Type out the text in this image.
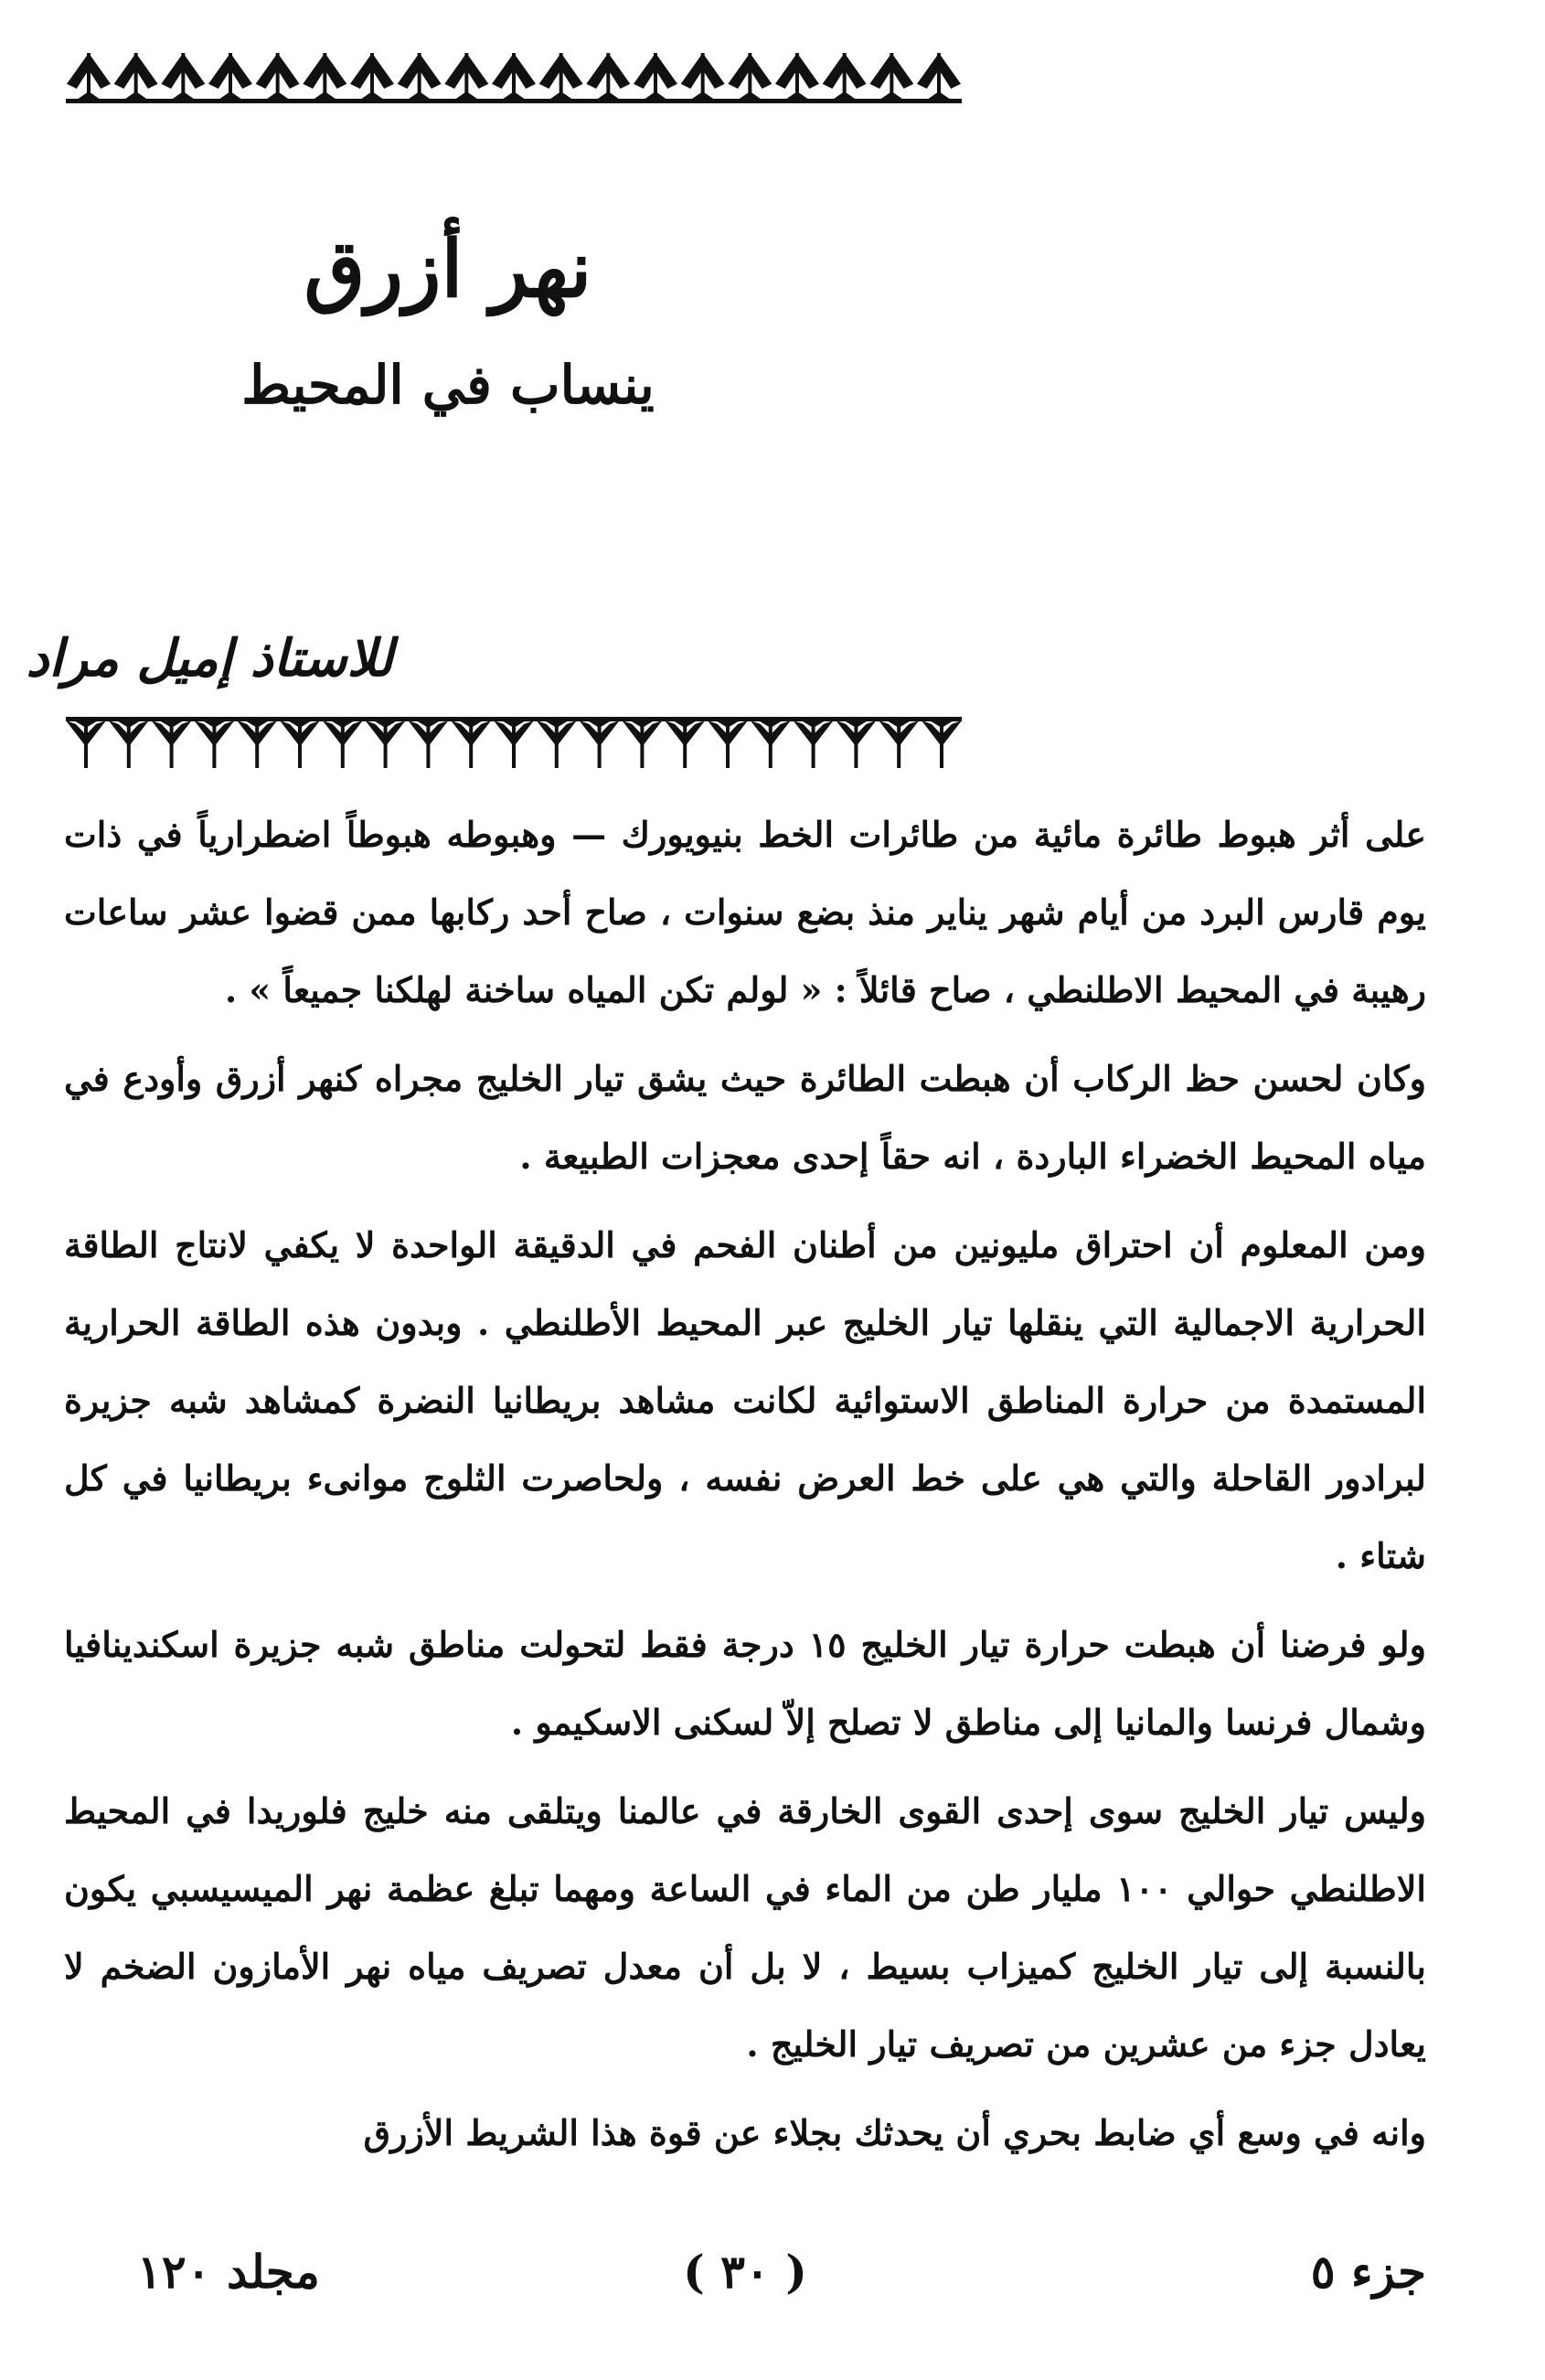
نهر أزرق
ينساب في المحيط
للاستاذ إميل مراد

على أثر هبوط طائرة مائية من طائرات الخط بنيويورك — وهبوطه هبوطاً اضطرارياً في ذات يوم قارس البرد من أيام شهر يناير منذ بضع سنوات ، صاح أحد ركابها ممن قضوا عشر ساعات رهيبة في المحيط الاطلنطي ، صاح قائلاً : « لولم تكن المياه ساخنة لهلكنا جميعاً » .

وكان لحسن حظ الركاب أن هبطت الطائرة حيث يشق تيار الخليج مجراه كنهر أزرق وأودع في مياه المحيط الخضراء الباردة ، انه حقاً إحدى معجزات الطبيعة .

ومن المعلوم أن احتراق مليونين من أطنان الفحم في الدقيقة الواحدة لا يكفي لانتاج الطاقة الحرارية الاجمالية التي ينقلها تيار الخليج عبر المحيط الأطلنطي . وبدون هذه الطاقة الحرارية المستمدة من حرارة المناطق الاستوائية لكانت مشاهد بريطانيا النضرة كمشاهد شبه جزيرة لبرادور القاحلة والتي هي على خط العرض نفسه ، ولحاصرت الثلوج موانىء بريطانيا في كل شتاء .

ولو فرضنا أن هبطت حرارة تيار الخليج ١٥ درجة فقط لتحولت مناطق شبه جزيرة اسكندينافيا وشمال فرنسا والمانيا إلى مناطق لا تصلح إلاّ لسكنى الاسكيمو .

وليس تيار الخليج سوى إحدى القوى الخارقة في عالمنا ويتلقى منه خليج فلوريدا في المحيط الاطلنطي حوالي ١٠٠ مليار طن من الماء في الساعة ومهما تبلغ عظمة نهر الميسيسبي يكون بالنسبة إلى تيار الخليج كميزاب بسيط ، لا بل أن معدل تصريف مياه نهر الأمازون الضخم لا يعادل جزء من عشرين من تصريف تيار الخليج .

وانه في وسع أي ضابط بحري أن يحدثك بجلاء عن قوة هذا الشريط الأزرق

جزء ٥
( ٣٠ )
مجلد ١٢٠
